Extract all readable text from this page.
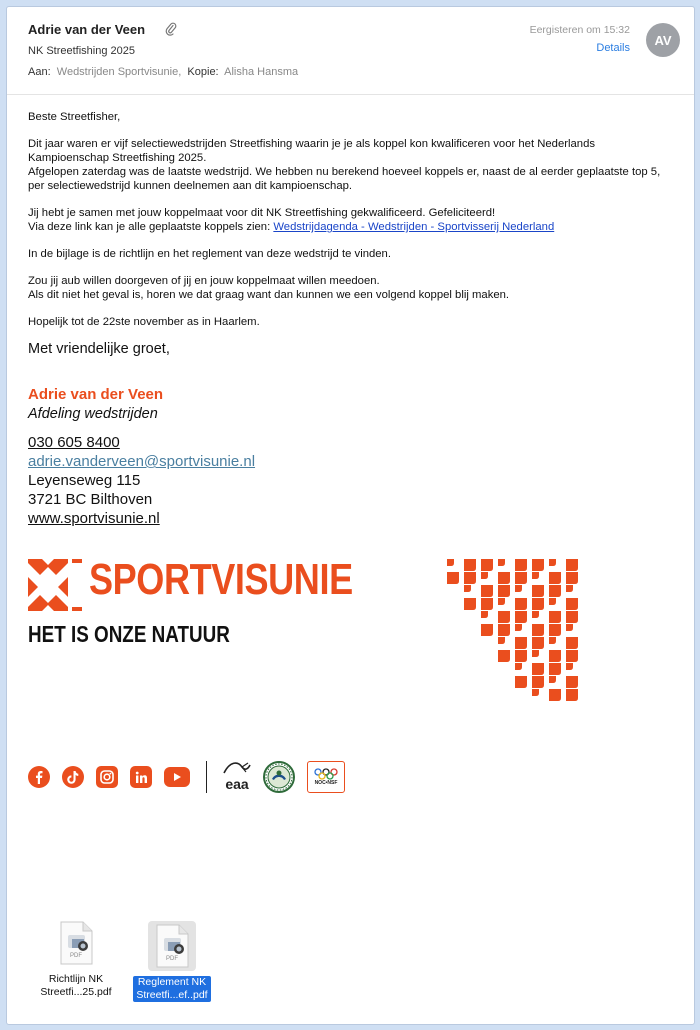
Adrie van der Veen
NK Streetfishing 2025
Aan: Wedstrijden Sportvisunie, Kopie: Alisha Hansma
Eergisteren om 15:32
Details
AV

Beste Streetfisher,

Dit jaar waren er vijf selectiewedstrijden Streetfishing waarin je je als koppel kon kwalificeren voor het Nederlands Kampioenschap Streetfishing 2025.
Afgelopen zaterdag was de laatste wedstrijd. We hebben nu berekend hoeveel koppels er, naast de al eerder geplaatste top 5, per selectiewedstrijd kunnen deelnemen aan dit kampioenschap.

Jij hebt je samen met jouw koppelmaat voor dit NK Streetfishing gekwalificeerd. Gefeliciteerd!
Via deze link kan je alle geplaatste koppels zien: Wedstrijdagenda - Wedstrijden - Sportvisserij Nederland

In de bijlage is de richtlijn en het reglement van deze wedstrijd te vinden.

Zou jij aub willen doorgeven of jij en jouw koppelmaat willen meedoen.
Als dit niet het geval is, horen we dat graag want dan kunnen we een volgend koppel blij maken.

Hopelijk tot de 22ste november as in Haarlem.

Met vriendelijke groet,

Adrie van der Veen
Afdeling wedstrijden
030 605 8400
adrie.vanderveen@sportvisunie.nl
Leyenseweg 115
3721 BC Bilthoven
www.sportvisunie.nl
SPORTVISUNIE
HET IS ONZE NATUUR
eaa	NOC•NSF
PDF
Richtlijn NK
Streetfi...25.pdf
PDF
Reglement NK
Streetfi...ef..pdf
